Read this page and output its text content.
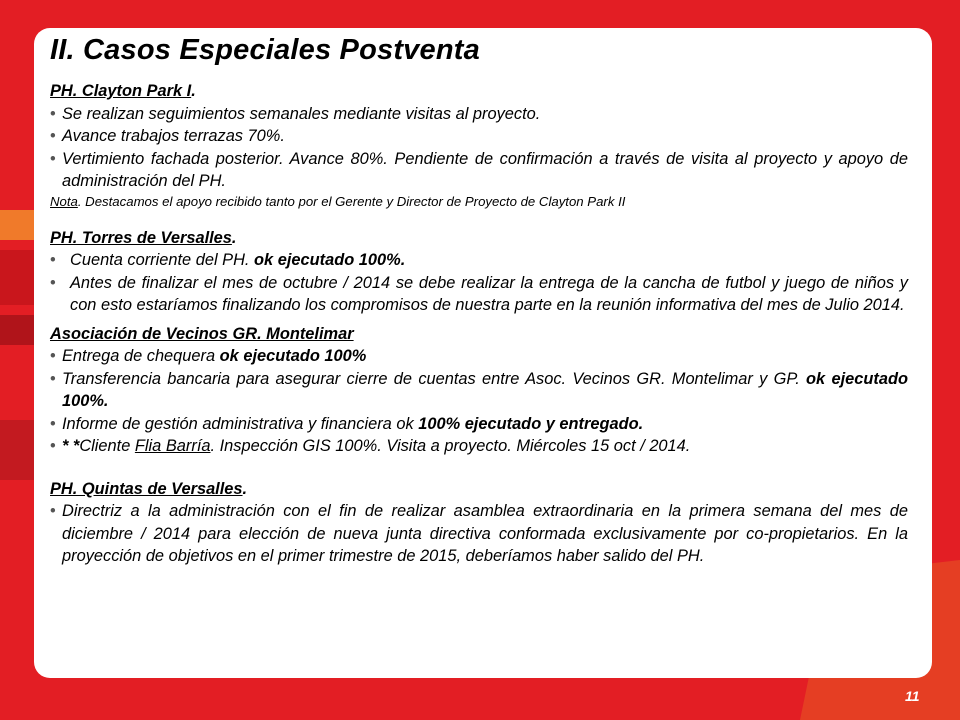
II. Casos Especiales Postventa
PH. Clayton Park I.
• Se realizan seguimientos semanales mediante visitas al proyecto.
• Avance trabajos terrazas 70%.
• Vertimiento fachada posterior. Avance 80%. Pendiente de confirmación a través de visita al proyecto y apoyo de administración del PH.
Nota. Destacamos el apoyo recibido tanto por el Gerente y Director de Proyecto de Clayton Park II
PH. Torres de Versalles.
• Cuenta corriente del PH. ok ejecutado 100%.
• Antes de finalizar el mes de octubre / 2014 se debe realizar la entrega de la cancha de futbol y juego de niños y con esto estaríamos finalizando los compromisos de nuestra parte en la reunión informativa del mes de Julio 2014.
Asociación de Vecinos GR. Montelimar
• Entrega de chequera ok ejecutado 100%
• Transferencia bancaria para asegurar cierre de cuentas entre Asoc. Vecinos GR. Montelimar y GP. ok ejecutado 100%.
• Informe de gestión administrativa y financiera ok 100% ejecutado y entregado.
• * *Cliente Flia Barría. Inspección GIS 100%. Visita a proyecto. Miércoles 15 oct / 2014.
PH. Quintas de Versalles.
• Directriz a la administración con el fin de realizar asamblea extraordinaria en la primera semana del mes de diciembre / 2014 para elección de nueva junta directiva conformada exclusivamente por co-propietarios. En la proyección de objetivos en el primer trimestre de 2015, deberíamos haber salido del PH.
11
